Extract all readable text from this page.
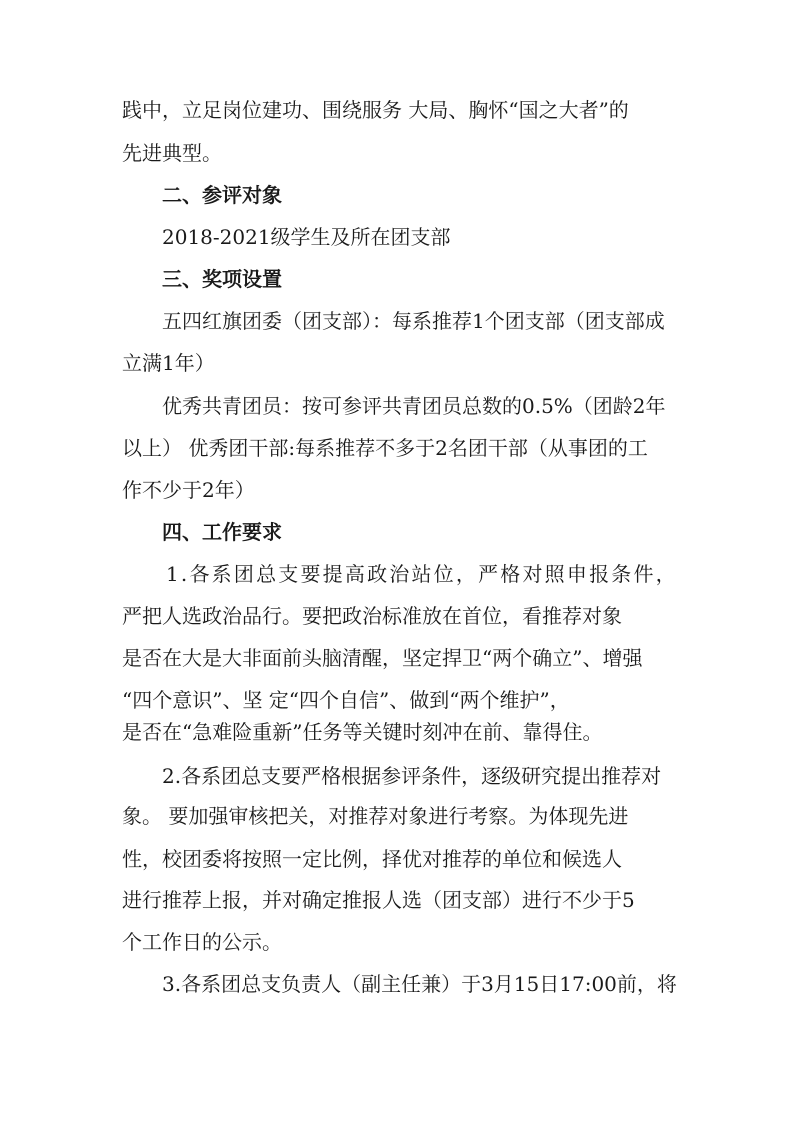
践中，立足岗位建功、围绕服务 大局、胸怀“国之大者”的
先进典型。
二、参评对象
2018-2021级学生及所在团支部
三、奖项设置
五四红旗团委（团支部）：每系推荐1个团支部（团支部成
立满1年）
优秀共青团员：按可参评共青团员总数的0.5%（团龄2年
以上） 优秀团干部:每系推荐不多于2名团干部（从事团的工
作不少于2年）
四、工作要求
1.各系团总支要提高政治站位，严格对照申报条件，
严把人选政治品行。要把政治标准放在首位，看推荐对象
是否在大是大非面前头脑清醒，坚定捍卫“两个确立”、增强
“四个意识”、坚 定“四个自信”、做到“两个维护”，
是否在“急难险重新”任务等关键时刻冲在前、靠得住。
2.各系团总支要严格根据参评条件，逐级研究提出推荐对
象。 要加强审核把关，对推荐对象进行考察。为体现先进
性，校团委将按照一定比例，择优对推荐的单位和候选人
进行推荐上报，并对确定推报人选（团支部）进行不少于5
个工作日的公示。
3.各系团总支负责人（副主任兼）于3月15日17:00前，将
